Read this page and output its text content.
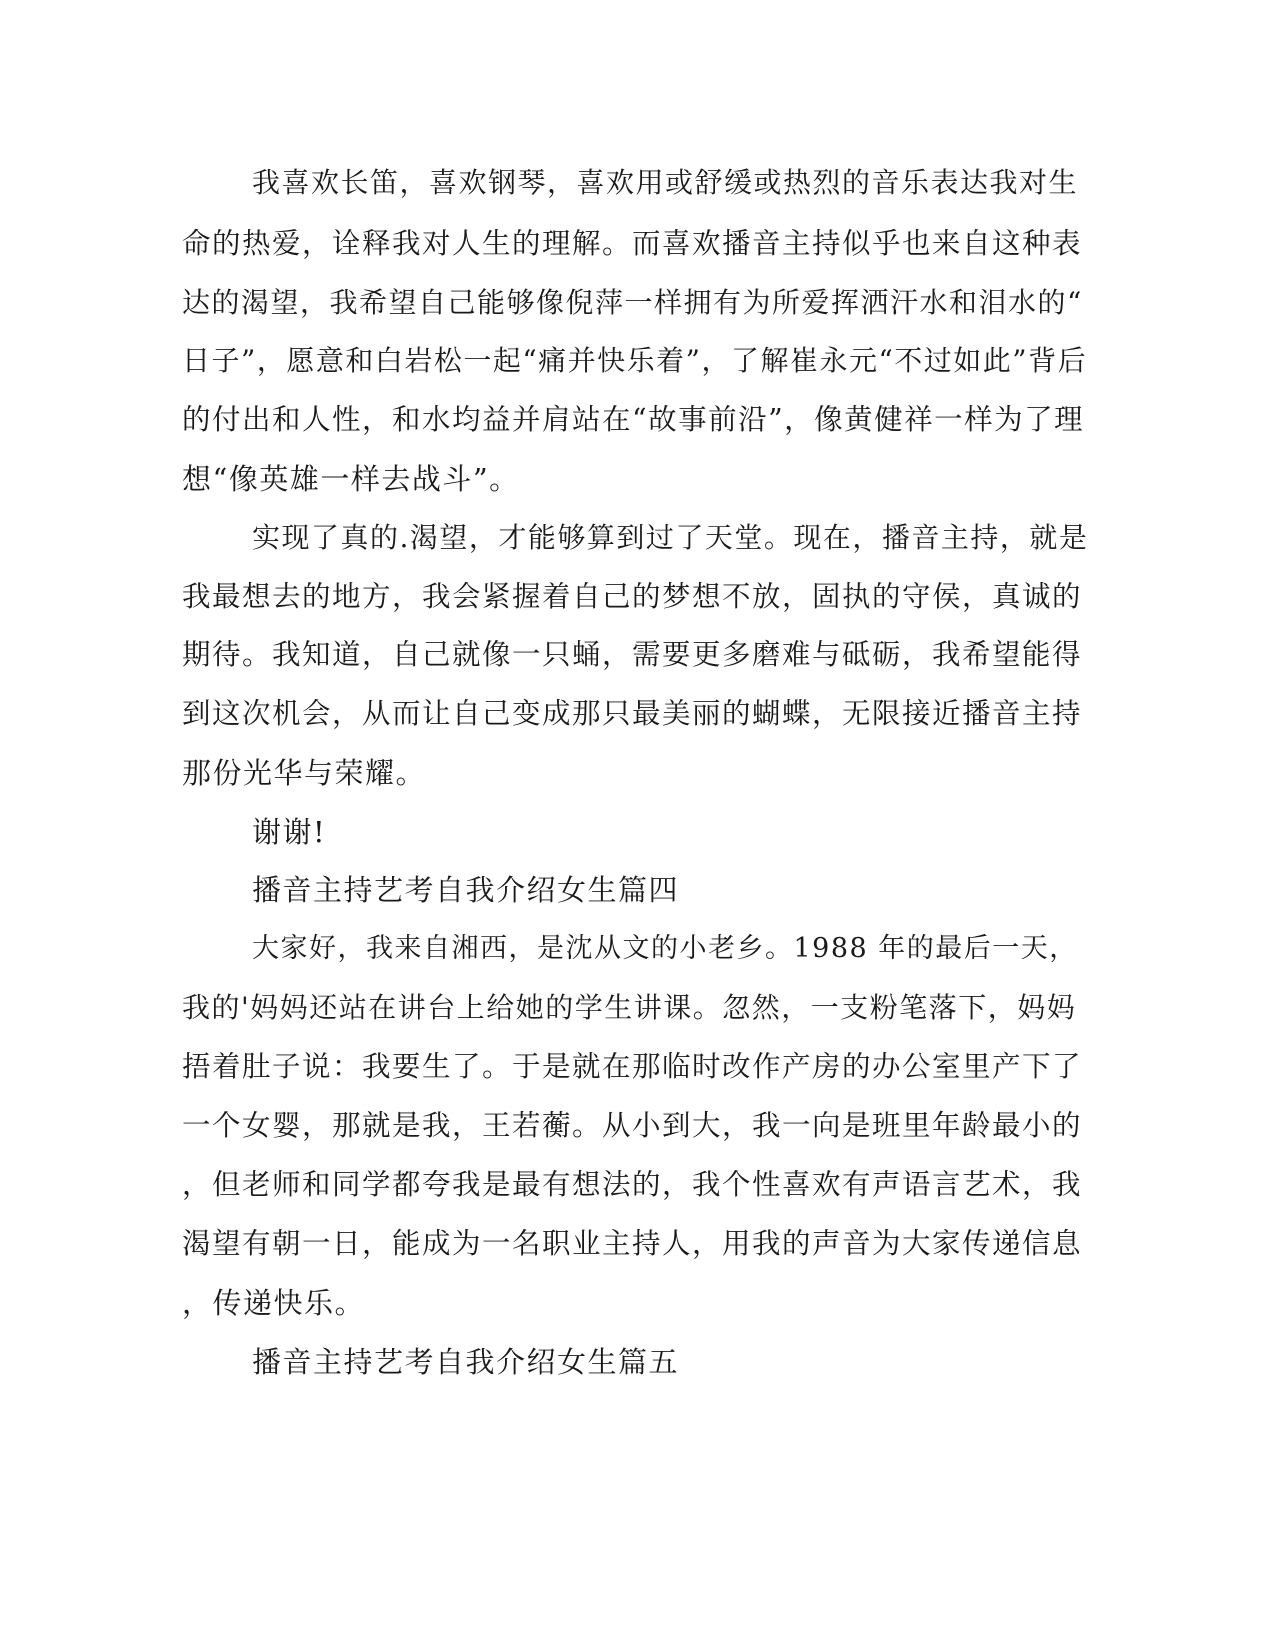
我喜欢长笛，喜欢钢琴，喜欢用或舒缓或热烈的音乐表达我对生

命的热爱，诠释我对人生的理解。而喜欢播音主持似乎也来自这种表

达的渴望，我希望自己能够像倪萍一样拥有为所爱挥洒汗水和泪水的“

日子”，愿意和白岩松一起“痛并快乐着”，了解崔永元“不过如此”背后

的付出和人性，和水均益并肩站在“故事前沿”，像黄健祥一样为了理

想“像英雄一样去战斗”。

实现了真的.渴望，才能够算到过了天堂。现在，播音主持，就是

我最想去的地方，我会紧握着自己的梦想不放，固执的守侯，真诚的

期待。我知道，自己就像一只蛹，需要更多磨难与砥砺，我希望能得

到这次机会，从而让自己变成那只最美丽的蝴蝶，无限接近播音主持

那份光华与荣耀。

谢谢!

播音主持艺考自我介绍女生篇四

大家好，我来自湘西，是沈从文的小老乡。1988 年的最后一天，

我的'妈妈还站在讲台上给她的学生讲课。忽然，一支粉笔落下，妈妈

捂着肚子说：我要生了。于是就在那临时改作产房的办公室里产下了

一个女婴，那就是我，王若蘅。从小到大，我一向是班里年龄最小的

，但老师和同学都夸我是最有想法的，我个性喜欢有声语言艺术，我

渴望有朝一日，能成为一名职业主持人，用我的声音为大家传递信息

，传递快乐。

播音主持艺考自我介绍女生篇五
